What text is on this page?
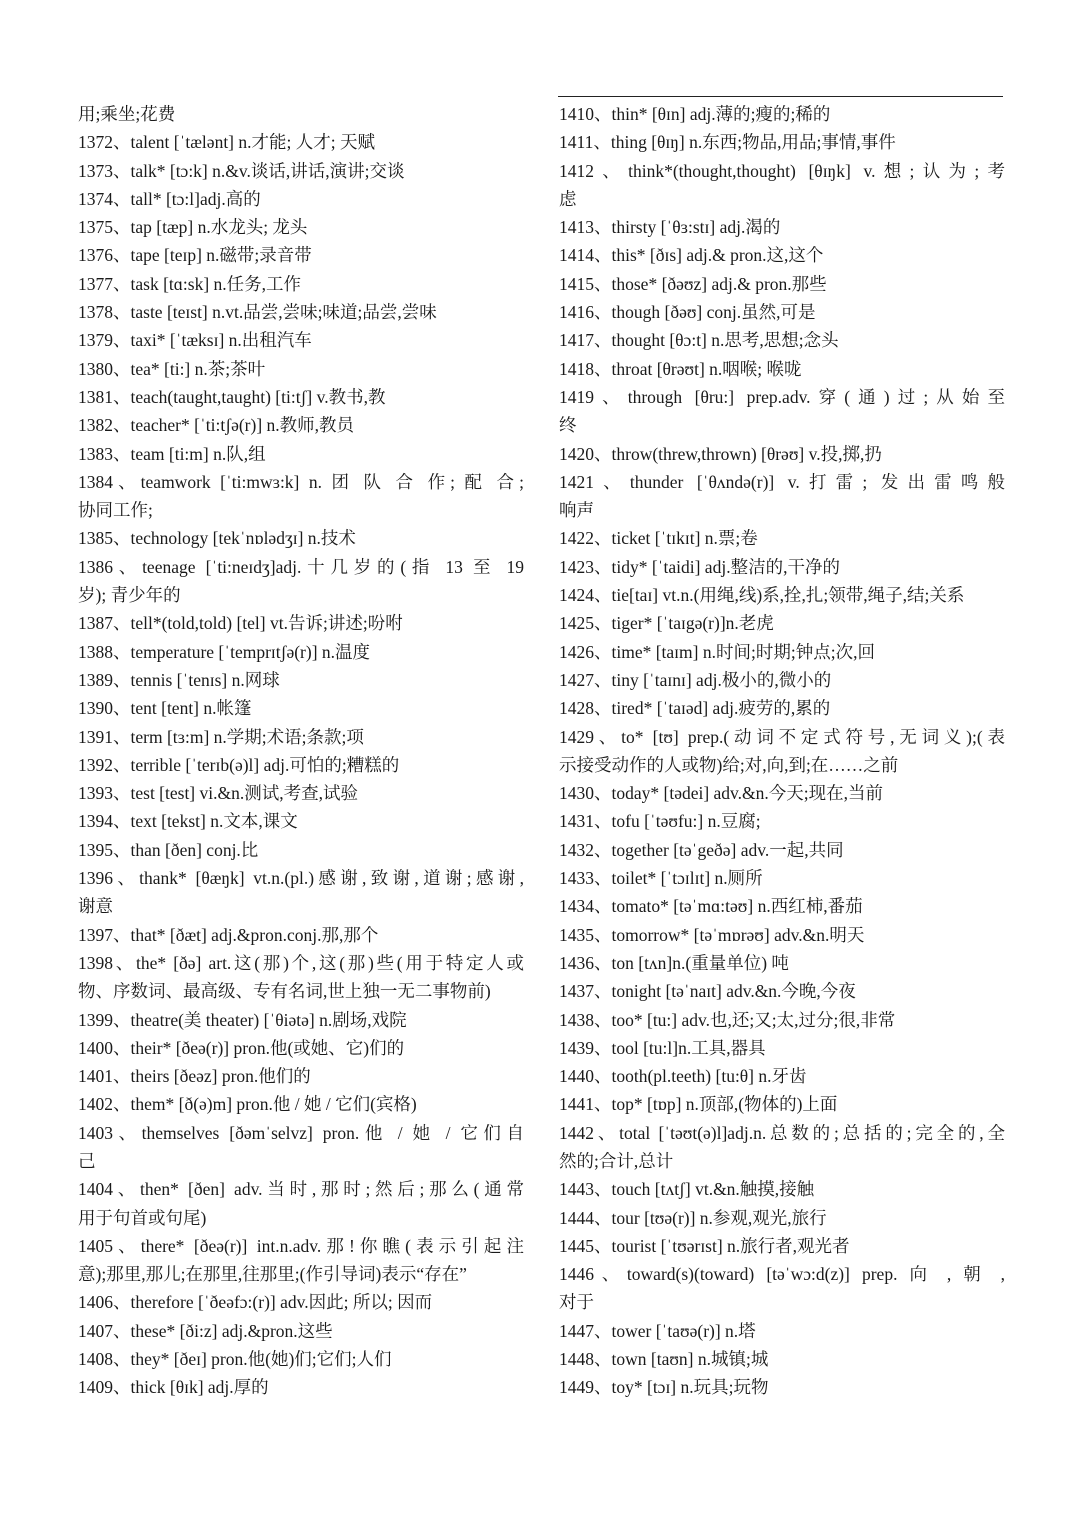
用;乘坐;花费
1372、talent [ˈtælənt] n.才能; 人才; 天赋
1373、talk* [tɔ:k] n.&v.谈话,讲话,演讲;交谈
1374、tall* [tɔ:l]adj.高的
1375、tap [tæp] n.水龙头; 龙头
1376、tape [teɪp] n.磁带;录音带
1377、task [tɑ:sk] n.任务,工作
1378、taste [teɪst] n.vt.品尝,尝味;味道;品尝,尝味
1379、taxi* [ˈtæksɪ] n.出租汽车
1380、tea* [ti:] n.茶;茶叶
1381、teach(taught,taught) [ti:tʃ] v.教书,教
1382、teacher* [ˈti:tʃə(r)] n.教师,教员
1383、team [ti:m] n.队,组
1384、teamwork [ˈti:mwɜ:k] n. 团 队 合 作; 配 合;
协同工作;
1385、technology [tekˈnɒlədʒɪ] n.技术
1386、teenage [ˈti:neɪdʒ]adj.十几岁的(指 13 至 19
岁); 青少年的
1387、tell*(told,told) [tel] vt.告诉;讲述;吩咐
1388、temperature [ˈtemprɪtʃə(r)] n.温度
1389、tennis [ˈtenɪs] n.网球
1390、tent [tent] n.帐篷
1391、term [tɜ:m] n.学期;术语;条款;项
1392、terrible [ˈterɪb(ə)l] adj.可怕的;糟糕的
1393、test [test] vi.&n.测试,考查,试验
1394、text [tekst] n.文本,课文
1395、than [ðen] conj.比
1396、thank* [θæŋk] vt.n.(pl.)感谢,致谢,道谢;感谢,
谢意
1397、that* [ðæt] adj.&pron.conj.那,那个
1398、the* [ðə] art.这(那)个,这(那)些(用于特定人或
物、序数词、最高级、专有名词,世上独一无二事物前)
1399、theatre(美 theater) [ˈθiətə] n.剧场,戏院
1400、their* [ðeə(r)] pron.他(或她、它)们的
1401、theirs [ðeəz] pron.他们的
1402、them* [ð(ə)m] pron.他 / 她 / 它们(宾格)
1403、themselves [ðəmˈselvz] pron.他 / 她 / 它们自
己
1404、then* [ðen] adv.当时,那时;然后;那么(通常
用于句首或句尾)
1405、there* [ðeə(r)] int.n.adv.那!你瞧(表示引起注
意);那里,那儿;在那里,往那里;(作引导词)表示“存在”
1406、therefore [ˈðeəfɔ:(r)] adv.因此; 所以; 因而
1407、these* [ði:z] adj.&pron.这些
1408、they* [ðeɪ] pron.他(她)们;它们;人们
1409、thick [θɪk] adj.厚的
1410、thin* [θɪn] adj.薄的;瘦的;稀的
1411、thing [θɪŋ] n.东西;物品,用品;事情,事件
1412、think*(thought,thought) [θɪŋk] v.想;认为;考
虑
1413、thirsty [ˈθɜ:stɪ] adj.渴的
1414、this* [ðɪs] adj.& pron.这,这个
1415、those* [ðəʊz] adj.& pron.那些
1416、though [ðəʊ] conj.虽然,可是
1417、thought [θɔ:t] n.思考,思想;念头
1418、throat [θrəʊt] n.咽喉; 喉咙
1419、through [θru:] prep.adv.穿(通)过;从始至
终
1420、throw(threw,thrown) [θrəʊ] v.投,掷,扔
1421、thunder [ˈθʌndə(r)] v.打雷; 发出雷鸣般
响声
1422、ticket [ˈtɪkɪt] n.票;卷
1423、tidy* [ˈtaidi] adj.整洁的,干净的
1424、tie[taɪ] vt.n.(用绳,线)系,拴,扎;领带,绳子,结;关系
1425、tiger* [ˈtaɪgə(r)]n.老虎
1426、time* [taɪm] n.时间;时期;钟点;次,回
1427、tiny [ˈtaɪnɪ] adj.极小的,微小的
1428、tired* [ˈtaɪəd] adj.疲劳的,累的
1429、to* [tʊ] prep.(动词不定式符号,无词义);(表
示接受动作的人或物)给;对,向,到;在……之前
1430、today* [tədei] adv.&n.今天;现在,当前
1431、tofu [ˈtəʊfu:] n.豆腐;
1432、together [təˈgeðə] adv.一起,共同
1433、toilet* [ˈtɔɪlɪt] n.厕所
1434、tomato* [təˈmɑ:təʊ] n.西红柿,番茄
1435、tomorrow* [təˈmɒrəʊ] adv.&n.明天
1436、ton [tʌn]n.(重量单位) 吨
1437、tonight [təˈnaɪt] adv.&n.今晚,今夜
1438、too* [tu:] adv.也,还;又;太,过分;很,非常
1439、tool [tu:l]n.工具,器具
1440、tooth(pl.teeth) [tu:θ] n.牙齿
1441、top* [tɒp] n.顶部,(物体的)上面
1442、total [ˈtəʊt(ə)l]adj.n.总数的;总括的;完全的,全
然的;合计,总计
1443、touch [tʌtʃ] vt.&n.触摸,接触
1444、tour [tʊə(r)] n.参观,观光,旅行
1445、tourist [ˈtʊərɪst] n.旅行者,观光者
1446、toward(s)(toward) [təˈwɔ:d(z)] prep. 向 , 朝 ,
对于
1447、tower [ˈtaʊə(r)] n.塔
1448、town [taʊn] n.城镇;城
1449、toy* [tɔɪ] n.玩具;玩物
